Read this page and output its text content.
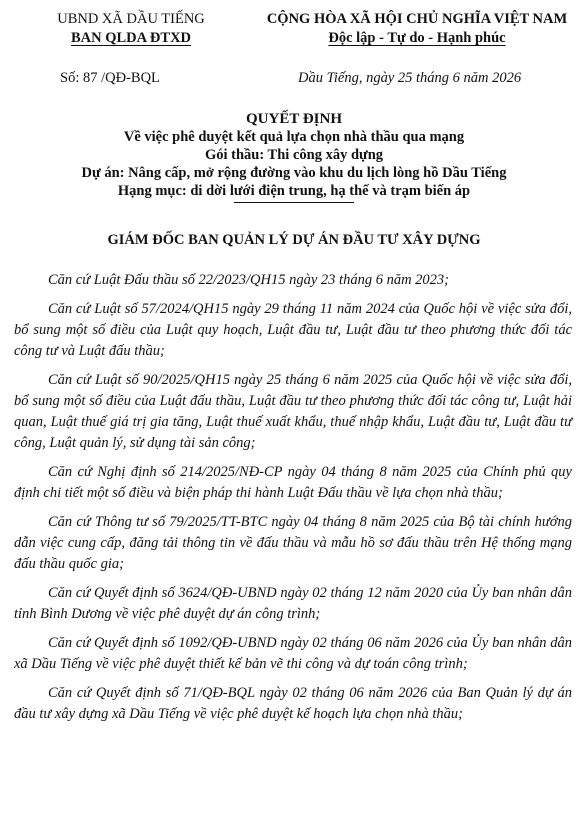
UBND XÃ DẦU TIẾNG
BAN QLDA ĐTXD
CỘNG HÒA XÃ HỘI CHỦ NGHĨA VIỆT NAM
Độc lập - Tự do - Hạnh phúc
Số: 87 /QĐ-BQL	Dầu Tiếng, ngày 25 tháng 6 năm 2026
QUYẾT ĐỊNH
Về việc phê duyệt kết quả lựa chọn nhà thầu qua mạng
Gói thầu: Thi công xây dựng
Dự án: Nâng cấp, mở rộng đường vào khu du lịch lòng hồ Dầu Tiếng
Hạng mục: di dời lưới điện trung, hạ thế và trạm biến áp
GIÁM ĐỐC BAN QUẢN LÝ DỰ ÁN ĐẦU TƯ XÂY DỰNG

Căn cứ Luật Đấu thầu số 22/2023/QH15 ngày 23 tháng 6 năm 2023;

Căn cứ Luật số 57/2024/QH15 ngày 29 tháng 11 năm 2024 của Quốc hội về việc sửa đổi, bổ sung một số điều của Luật quy hoạch, Luật đầu tư, Luật đầu tư theo phương thức đối tác công tư và Luật đấu thầu;

Căn cứ Luật số 90/2025/QH15 ngày 25 tháng 6 năm 2025 của Quốc hội về việc sửa đổi, bổ sung một số điều của Luật đấu thầu, Luật đầu tư theo phương thức đối tác công tư, Luật hải quan, Luật thuế giá trị gia tăng, Luật thuế xuất khẩu, thuế nhập khẩu, Luật đầu tư, Luật đầu tư công, Luật quản lý, sử dụng tài sản công;

Căn cứ Nghị định số 214/2025/NĐ-CP ngày 04 tháng 8 năm 2025 của Chính phủ quy định chi tiết một số điều và biện pháp thi hành Luật Đấu thầu về lựa chọn nhà thầu;

Căn cứ Thông tư số 79/2025/TT-BTC ngày 04 tháng 8 năm 2025 của Bộ tài chính hướng dẫn việc cung cấp, đăng tải thông tin về đấu thầu và mẫu hồ sơ đấu thầu trên Hệ thống mạng đấu thầu quốc gia;

Căn cứ Quyết định số 3624/QĐ-UBND ngày 02 tháng 12 năm 2020 của Ủy ban nhân dân tỉnh Bình Dương về việc phê duyệt dự án công trình;

Căn cứ Quyết định số 1092/QĐ-UBND ngày 02 tháng 06 năm 2026 của Ủy ban nhân dân xã Dầu Tiếng về việc phê duyệt thiết kế bản vẽ thi công và dự toán công trình;

Căn cứ Quyết định số 71/QĐ-BQL ngày 02 tháng 06 năm 2026 của Ban Quản lý dự án đầu tư xây dựng xã Dầu Tiếng về việc phê duyệt kế hoạch lựa chọn nhà thầu;
